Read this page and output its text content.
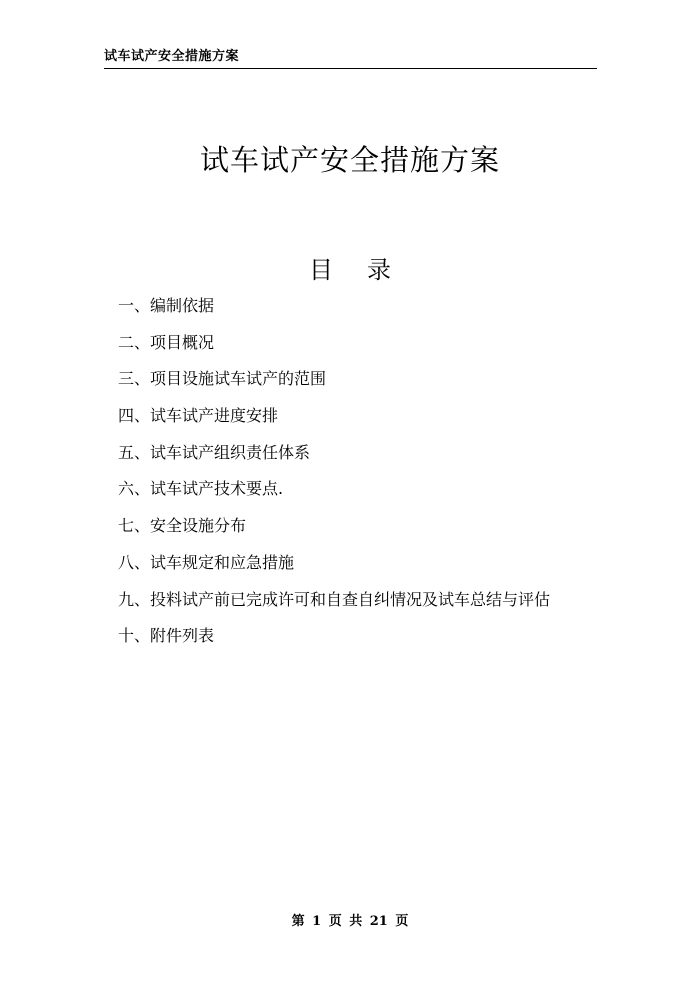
试车试产安全措施方案
试车试产安全措施方案
目 录
一、编制依据
二、项目概况
三、项目设施试车试产的范围
四、试车试产进度安排
五、试车试产组织责任体系
六、试车试产技术要点.
七、安全设施分布
八、试车规定和应急措施
九、投料试产前已完成许可和自查自纠情况及试车总结与评估
十、附件列表
第 1 页 共 21 页
